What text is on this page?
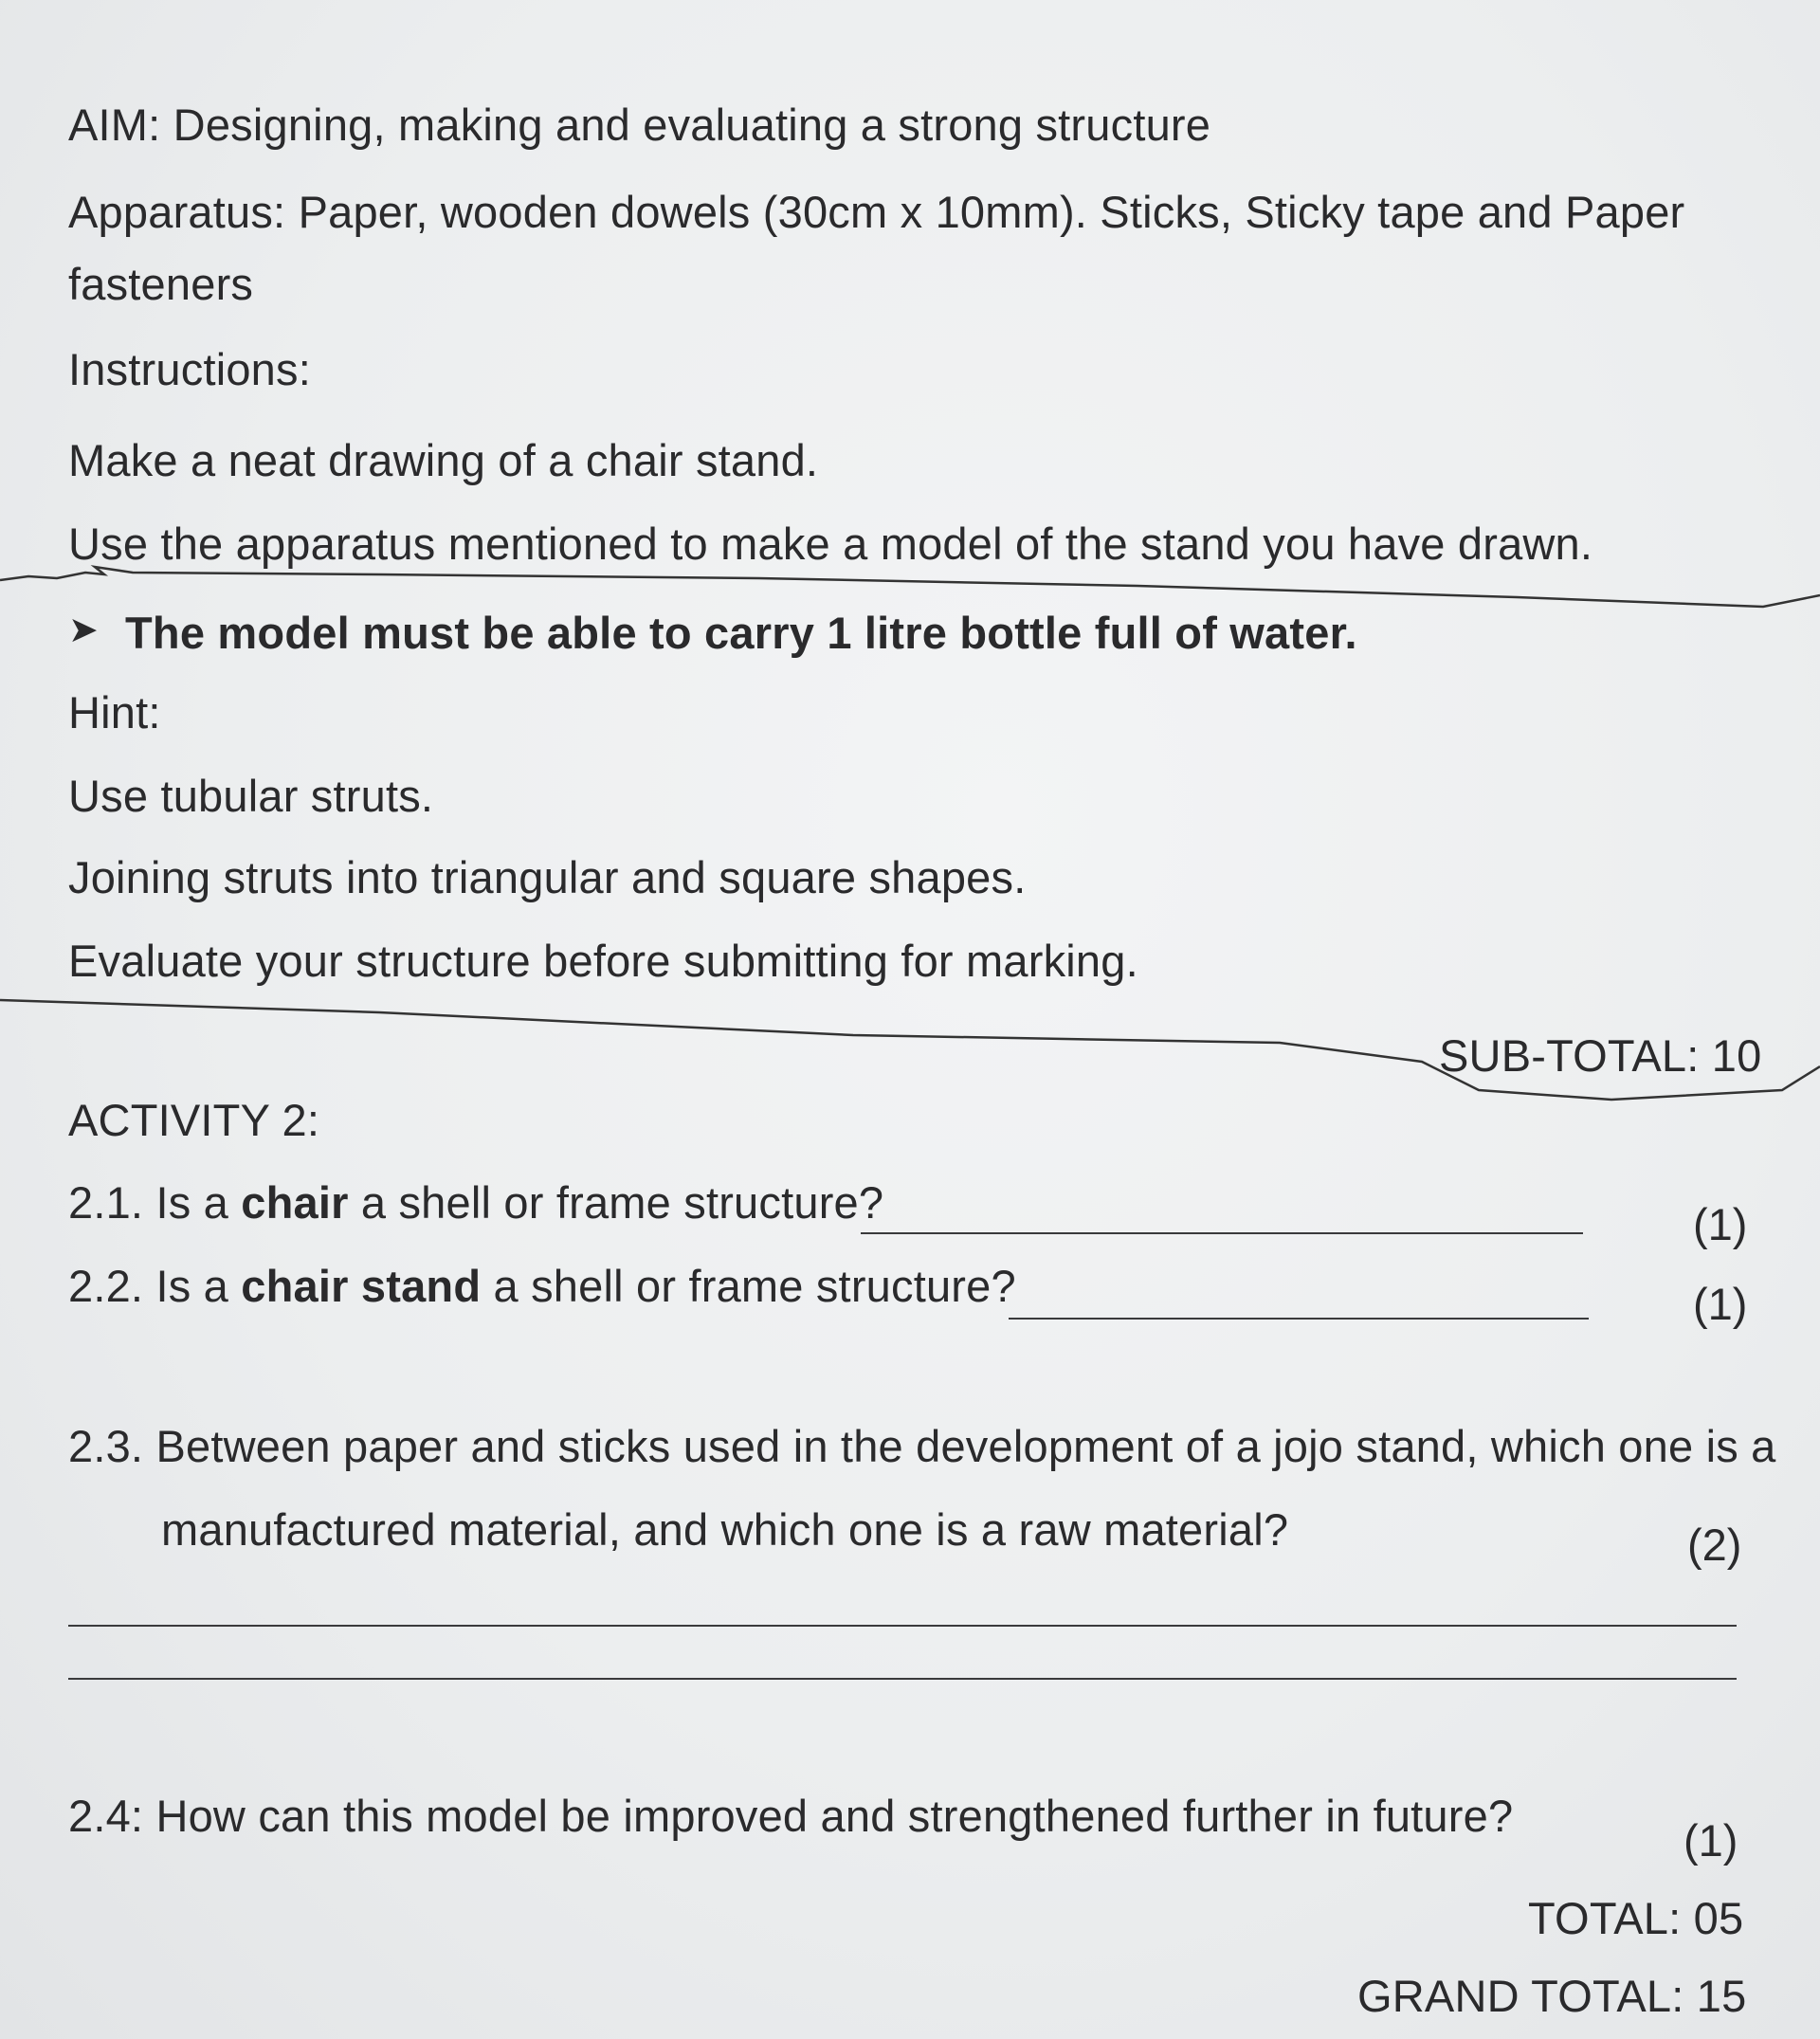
AIM: Designing, making and evaluating a strong structure
Apparatus: Paper, wooden dowels (30cm x 10mm). Sticks, Sticky tape and Paper
fasteners
Instructions:
Make a neat drawing of a chair stand.
Use the apparatus mentioned to make a model of the stand you have drawn.
➤ The model must be able to carry 1 litre bottle full of water.
Hint:
Use tubular struts.
Joining struts into triangular and square shapes.
Evaluate your structure before submitting for marking.
SUB-TOTAL: 10
ACTIVITY 2:
2.1. Is a chair a shell or frame structure?	(1)
2.2. Is a chair stand a shell or frame structure?	(1)
2.3. Between paper and sticks used in the development of a jojo stand, which one is a
manufactured material, and which one is a raw material?	(2)
2.4: How can this model be improved and strengthened further in future?	(1)
TOTAL: 05
GRAND TOTAL: 15
